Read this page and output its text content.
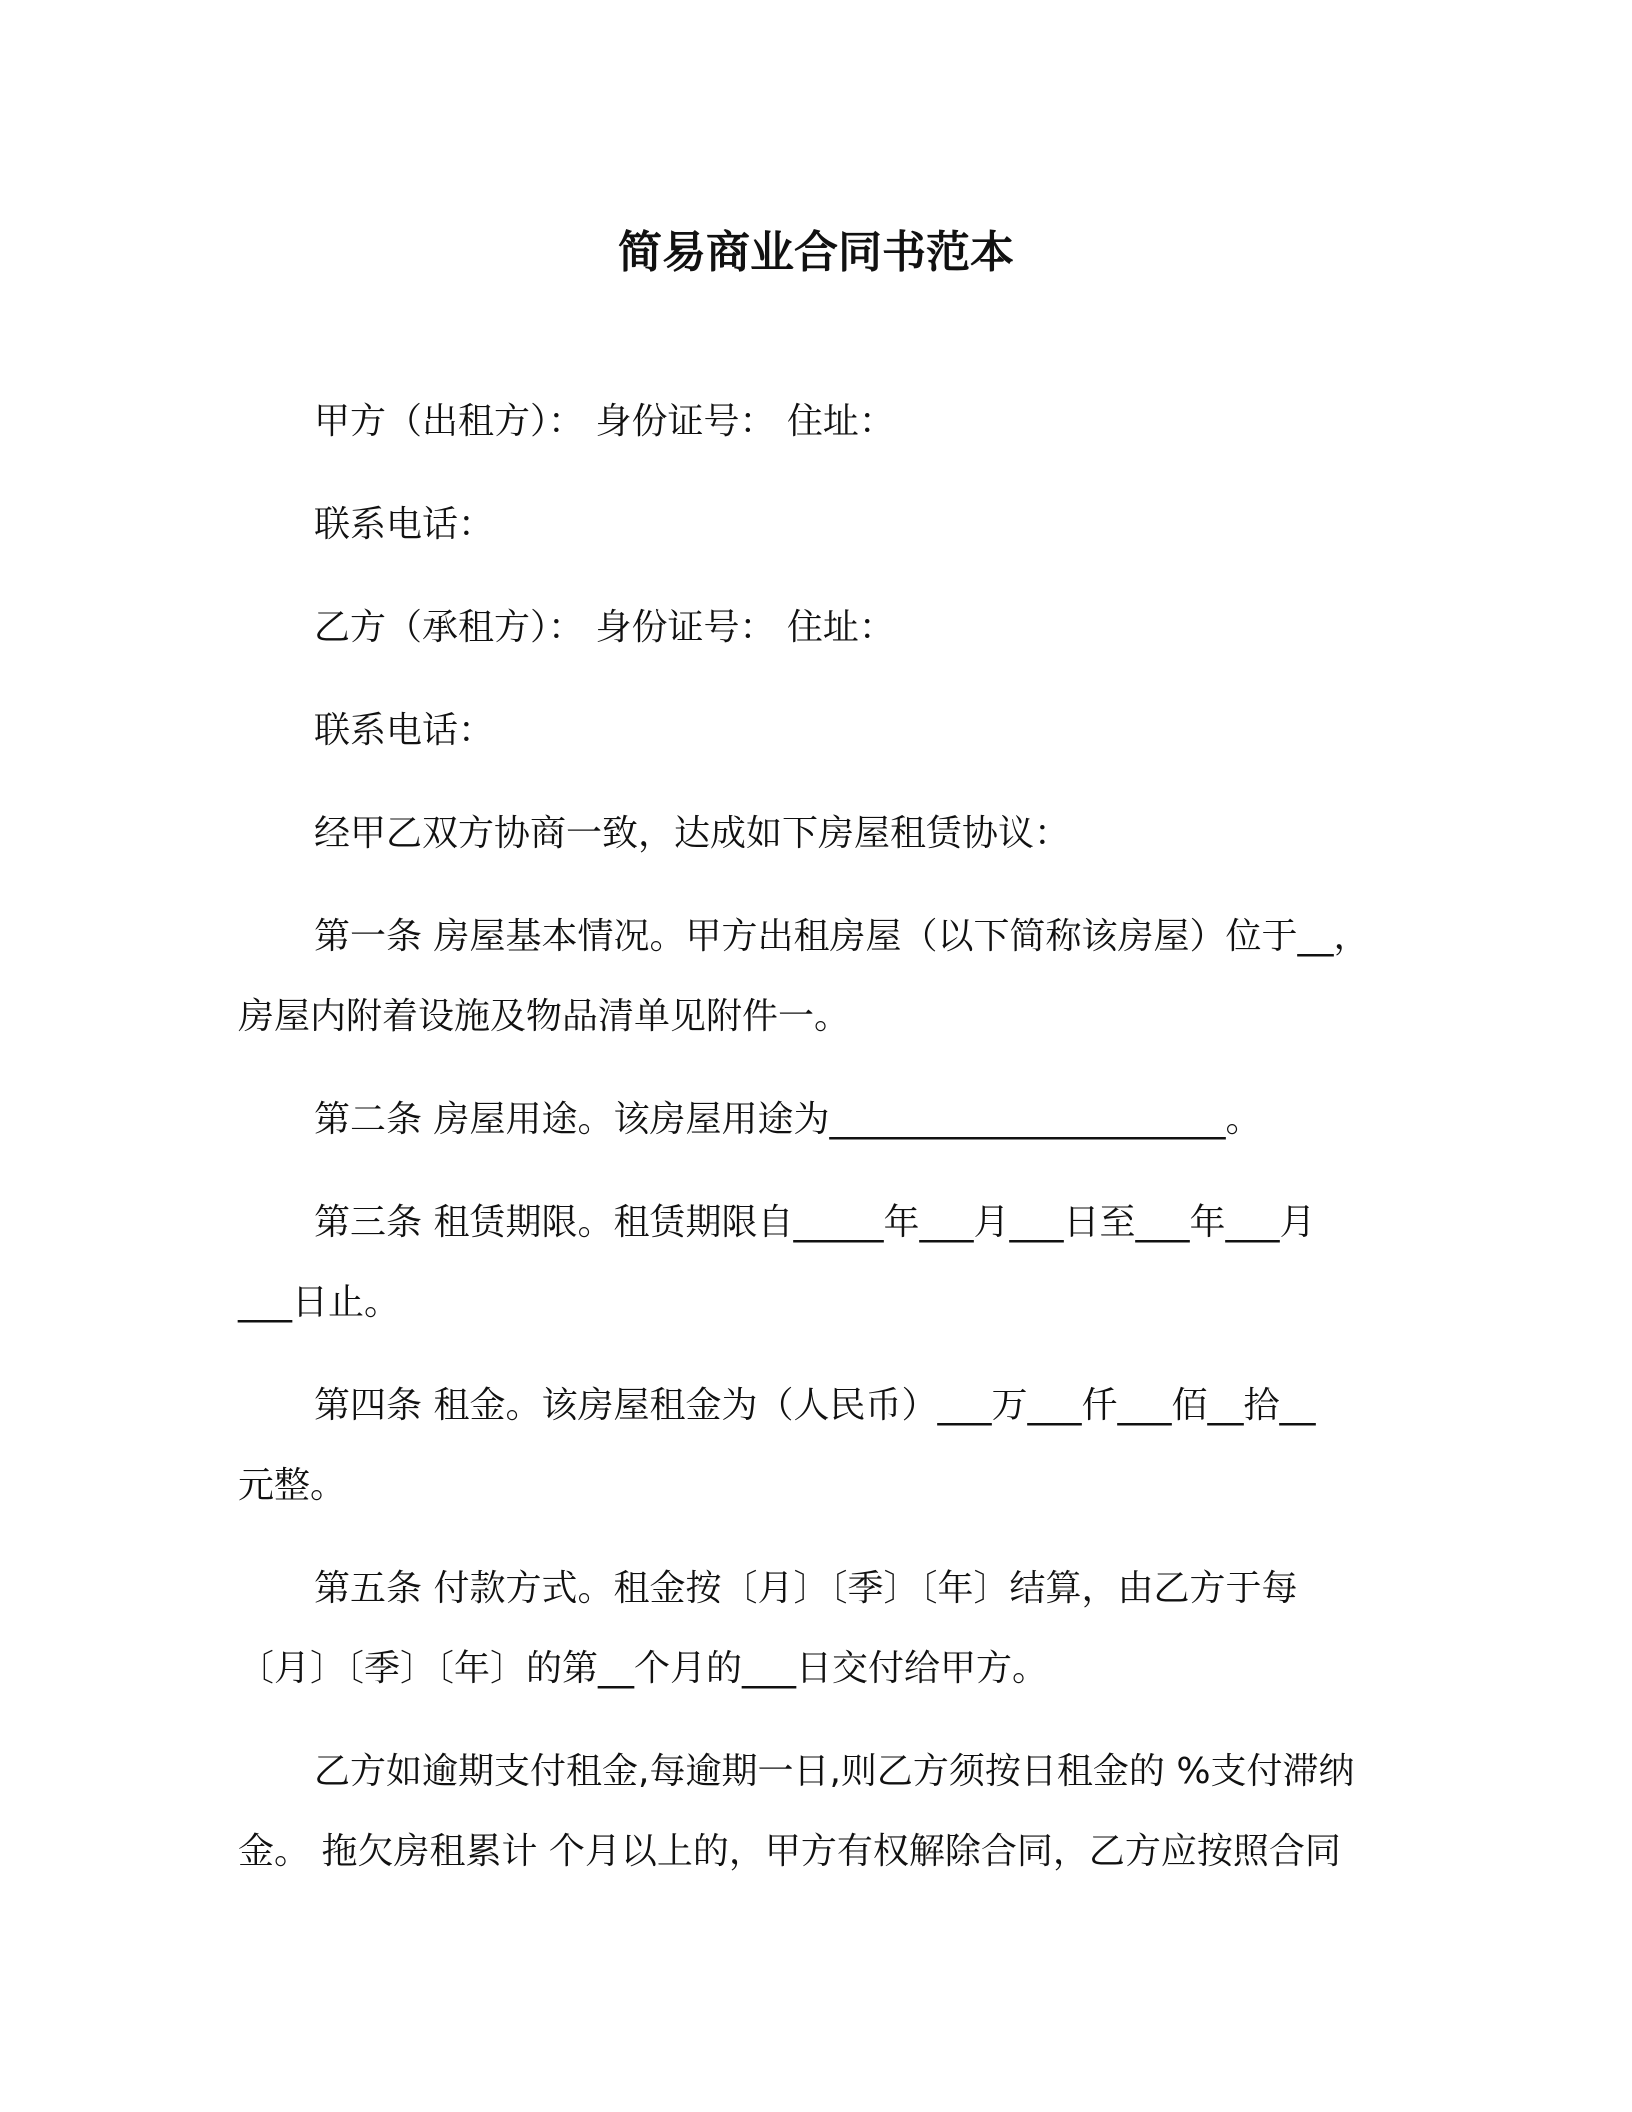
简易商业合同书范本
甲方（出租方）： 身份证号： 住址：
联系电话：
乙方（承租方）： 身份证号： 住址：
联系电话：
经甲乙双方协商一致，达成如下房屋租赁协议：
第一条 房屋基本情况。甲方出租房屋（以下简称该房屋）位于__，
房屋内附着设施及物品清单见附件一。
第二条 房屋用途。该房屋用途为______________________。
第三条 租赁期限。租赁期限自_____年___月___日至___年___月
___日止。
第四条 租金。该房屋租金为（人民币）___万___仟___佰__拾__
元整。
第五条 付款方式。租金按〔月〕〔季〕〔年〕结算，由乙方于每
〔月〕〔季〕〔年〕的第__个月的___日交付给甲方。
乙方如逾期支付租金,每逾期一日,则乙方须按日租金的 %支付滞纳
金。 拖欠房租累计 个月以上的，甲方有权解除合同，乙方应按照合同
